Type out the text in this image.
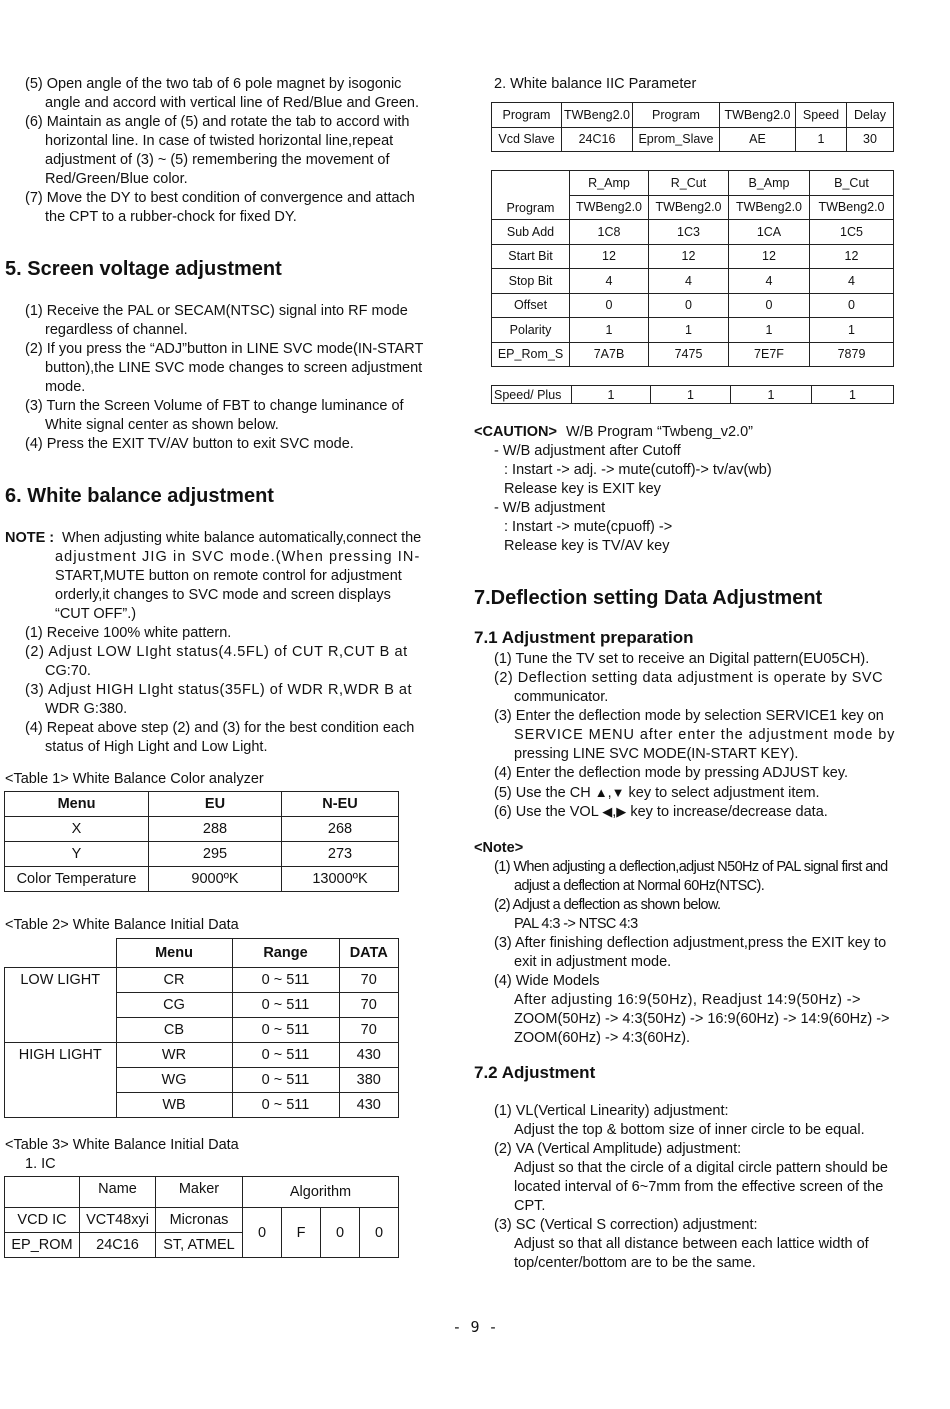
(5) Open angle of the two tab of 6 pole magnet by isogonic
angle and accord with vertical line of Red/Blue and Green.
(6) Maintain as angle of (5) and rotate the tab to accord with
horizontal line. In case of twisted horizontal line,repeat
adjustment of (3) ~ (5) remembering the movement of
Red/Green/Blue color.
(7) Move the DY to best condition of convergence and attach
the CPT to a rubber-chock for fixed DY.
5. Screen voltage adjustment
(1) Receive the PAL or SECAM(NTSC) signal into RF mode
regardless of channel.
(2) If you press the “ADJ”button in LINE SVC mode(IN-START
button),the LINE SVC mode changes to screen adjustment
mode.
(3) Turn the Screen Volume of FBT to change luminance of
White signal center as shown below.
(4) Press the EXIT TV/AV button to exit SVC mode.
6. White balance adjustment
NOTE : When adjusting white balance automatically,connect the
adjustment JIG in SVC mode.(When pressing IN-
START,MUTE button on remote control for adjustment
orderly,it changes to SVC mode and screen displays
“CUT OFF”.)
(1) Receive 100% white pattern.
(2) Adjust LOW LIght status(4.5FL) of CUT R,CUT B at
CG:70.
(3) Adjust HIGH LIght status(35FL) of WDR R,WDR B at
WDR G:380.
(4) Repeat above step (2) and (3) for the best condition each
status of High Light and Low Light.
<Table 1> White Balance Color analyzer
Menu	EU	N-EU
X	288	268
Y	295	273
Color Temperature	9000ºK	13000ºK
<Table 2> White Balance Initial Data
	Menu	Range	DATA
LOW LIGHT	CR	0 ~ 511	70
	CG	0 ~ 511	70
	CB	0 ~ 511	70
HIGH LIGHT	WR	0 ~ 511	430
	WG	0 ~ 511	380
	WB	0 ~ 511	430
<Table 3> White Balance Initial Data
1. IC
	Name	Maker	Algorithm			
VCD IC	VCT48xyi	Micronas	0	F	0	0
EP_ROM	24C16	ST, ATMEL				
2. White balance IIC Parameter
Program	TWBeng2.0	Program	TWBeng2.0	Speed	Delay
Vcd Slave	24C16	Eprom_Slave	AE	1	30
Program	R_Amp	R_Cut	B_Amp	B_Cut
	TWBeng2.0	TWBeng2.0	TWBeng2.0	TWBeng2.0
Sub Add	1C8	1C3	1CA	1C5
Start Bit	12	12	12	12
Stop Bit	4	4	4	4
Offset	0	0	0	0
Polarity	1	1	1	1
EP_Rom_S	7A7B	7475	7E7F	7879
Speed/ Plus	1	1	1	1
<CAUTION> W/B Program “Twbeng_v2.0”
- W/B adjustment after Cutoff
: Instart -> adj. -> mute(cutoff)-> tv/av(wb)
Release key is EXIT key
- W/B adjustment
: Instart -> mute(cpuoff) ->
Release key is TV/AV key
7.Deflection setting Data Adjustment
7.1 Adjustment preparation
(1) Tune the TV set to receive an Digital pattern(EU05CH).
(2) Deflection setting data adjustment is operate by SVC
communicator.
(3) Enter the deflection mode by selection SERVICE1 key on
SERVICE MENU after enter the adjustment mode by
pressing LINE SVC MODE(IN-START KEY).
(4) Enter the deflection mode by pressing ADJUST key.
(5) Use the CH ▲,▼ key to select adjustment item.
(6) Use the VOL ◀,▶ key to increase/decrease data.
<Note>
(1) When adjusting a deflection,adjust N50Hz of PAL signal first and
adjust a deflection at Normal 60Hz(NTSC).
(2) Adjust a deflection as shown below.
PAL 4:3 -> NTSC 4:3
(3) After finishing deflection adjustment,press the EXIT key to
exit in adjustment mode.
(4) Wide Models
After adjusting 16:9(50Hz), Readjust 14:9(50Hz) ->
ZOOM(50Hz) -> 4:3(50Hz) -> 16:9(60Hz) -> 14:9(60Hz) ->
ZOOM(60Hz) -> 4:3(60Hz).
7.2 Adjustment
(1) VL(Vertical Linearity) adjustment:
Adjust the top & bottom size of inner circle to be equal.
(2) VA (Vertical Amplitude) adjustment:
Adjust so that the circle of a digital circle pattern should be
located interval of 6~7mm from the effective screen of the
CPT.
(3) SC (Vertical S correction) adjustment:
Adjust so that all distance between each lattice width of
top/center/bottom are to be the same.
- 9 -
